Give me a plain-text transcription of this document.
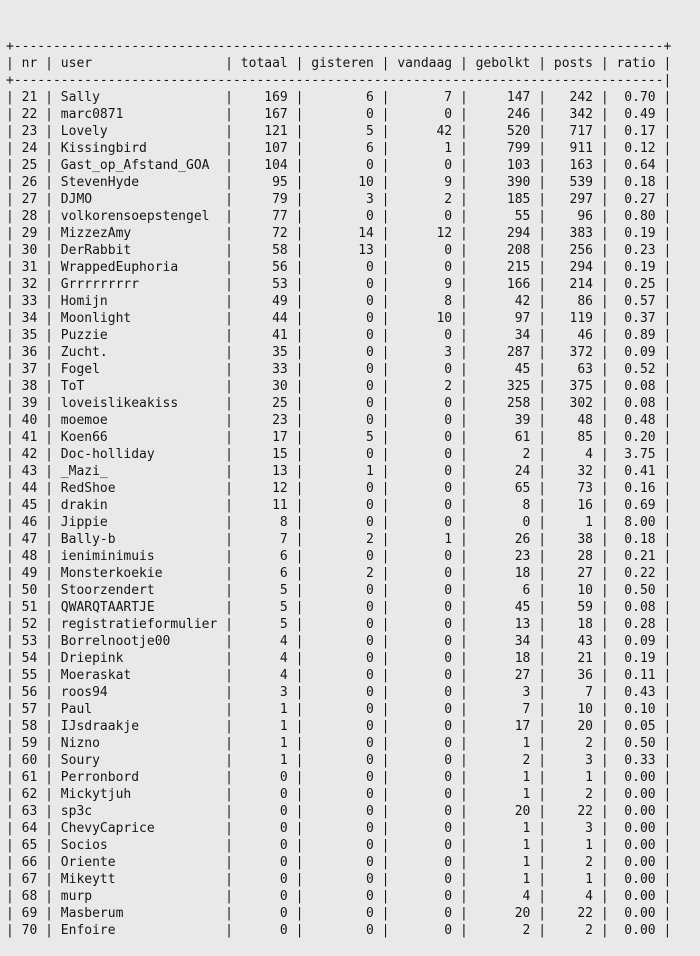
+-----------------------------------------------------------------------------------+
| nr | user                 | totaal | gisteren | vandaag | gebolkt | posts | ratio |
+-----------------------------------------------------------------------------------|
| 21 | Sally                |    169 |        6 |       7 |     147 |   242 |  0.70 |
| 22 | marc0871             |    167 |        0 |       0 |     246 |   342 |  0.49 |
| 23 | Lovely               |    121 |        5 |      42 |     520 |   717 |  0.17 |
| 24 | Kissingbird          |    107 |        6 |       1 |     799 |   911 |  0.12 |
| 25 | Gast_op_Afstand_GOA  |    104 |        0 |       0 |     103 |   163 |  0.64 |
| 26 | StevenHyde           |     95 |       10 |       9 |     390 |   539 |  0.18 |
| 27 | DJMO                 |     79 |        3 |       2 |     185 |   297 |  0.27 |
| 28 | volkorensoepstengel  |     77 |        0 |       0 |      55 |    96 |  0.80 |
| 29 | MizzezAmy            |     72 |       14 |      12 |     294 |   383 |  0.19 |
| 30 | DerRabbit            |     58 |       13 |       0 |     208 |   256 |  0.23 |
| 31 | WrappedEuphoria      |     56 |        0 |       0 |     215 |   294 |  0.19 |
| 32 | Grrrrrrrrr           |     53 |        0 |       9 |     166 |   214 |  0.25 |
| 33 | Homijn               |     49 |        0 |       8 |      42 |    86 |  0.57 |
| 34 | Moonlight            |     44 |        0 |      10 |      97 |   119 |  0.37 |
| 35 | Puzzie               |     41 |        0 |       0 |      34 |    46 |  0.89 |
| 36 | Zucht.               |     35 |        0 |       3 |     287 |   372 |  0.09 |
| 37 | Fogel                |     33 |        0 |       0 |      45 |    63 |  0.52 |
| 38 | ToT                  |     30 |        0 |       2 |     325 |   375 |  0.08 |
| 39 | loveislikeakiss      |     25 |        0 |       0 |     258 |   302 |  0.08 |
| 40 | moemoe               |     23 |        0 |       0 |      39 |    48 |  0.48 |
| 41 | Koen66               |     17 |        5 |       0 |      61 |    85 |  0.20 |
| 42 | Doc-holliday         |     15 |        0 |       0 |       2 |     4 |  3.75 |
| 43 | _Mazi_               |     13 |        1 |       0 |      24 |    32 |  0.41 |
| 44 | RedShoe              |     12 |        0 |       0 |      65 |    73 |  0.16 |
| 45 | drakin               |     11 |        0 |       0 |       8 |    16 |  0.69 |
| 46 | Jippie               |      8 |        0 |       0 |       0 |     1 |  8.00 |
| 47 | Bally-b              |      7 |        2 |       1 |      26 |    38 |  0.18 |
| 48 | ieniminimuis         |      6 |        0 |       0 |      23 |    28 |  0.21 |
| 49 | Monsterkoekie        |      6 |        2 |       0 |      18 |    27 |  0.22 |
| 50 | Stoorzendert         |      5 |        0 |       0 |       6 |    10 |  0.50 |
| 51 | QWARQTAARTJE         |      5 |        0 |       0 |      45 |    59 |  0.08 |
| 52 | registratieformulier |      5 |        0 |       0 |      13 |    18 |  0.28 |
| 53 | Borrelnootje00       |      4 |        0 |       0 |      34 |    43 |  0.09 |
| 54 | Driepink             |      4 |        0 |       0 |      18 |    21 |  0.19 |
| 55 | Moeraskat            |      4 |        0 |       0 |      27 |    36 |  0.11 |
| 56 | roos94               |      3 |        0 |       0 |       3 |     7 |  0.43 |
| 57 | Paul                 |      1 |        0 |       0 |       7 |    10 |  0.10 |
| 58 | IJsdraakje           |      1 |        0 |       0 |      17 |    20 |  0.05 |
| 59 | Nizno                |      1 |        0 |       0 |       1 |     2 |  0.50 |
| 60 | Soury                |      1 |        0 |       0 |       2 |     3 |  0.33 |
| 61 | Perronbord           |      0 |        0 |       0 |       1 |     1 |  0.00 |
| 62 | Mickytjuh            |      0 |        0 |       0 |       1 |     2 |  0.00 |
| 63 | sp3c                 |      0 |        0 |       0 |      20 |    22 |  0.00 |
| 64 | ChevyCaprice         |      0 |        0 |       0 |       1 |     3 |  0.00 |
| 65 | Socios               |      0 |        0 |       0 |       1 |     1 |  0.00 |
| 66 | Oriente              |      0 |        0 |       0 |       1 |     2 |  0.00 |
| 67 | Mikeytt              |      0 |        0 |       0 |       1 |     1 |  0.00 |
| 68 | murp                 |      0 |        0 |       0 |       4 |     4 |  0.00 |
| 69 | Masberum             |      0 |        0 |       0 |      20 |    22 |  0.00 |
| 70 | Enfoire              |      0 |        0 |       0 |       2 |     2 |  0.00 |
